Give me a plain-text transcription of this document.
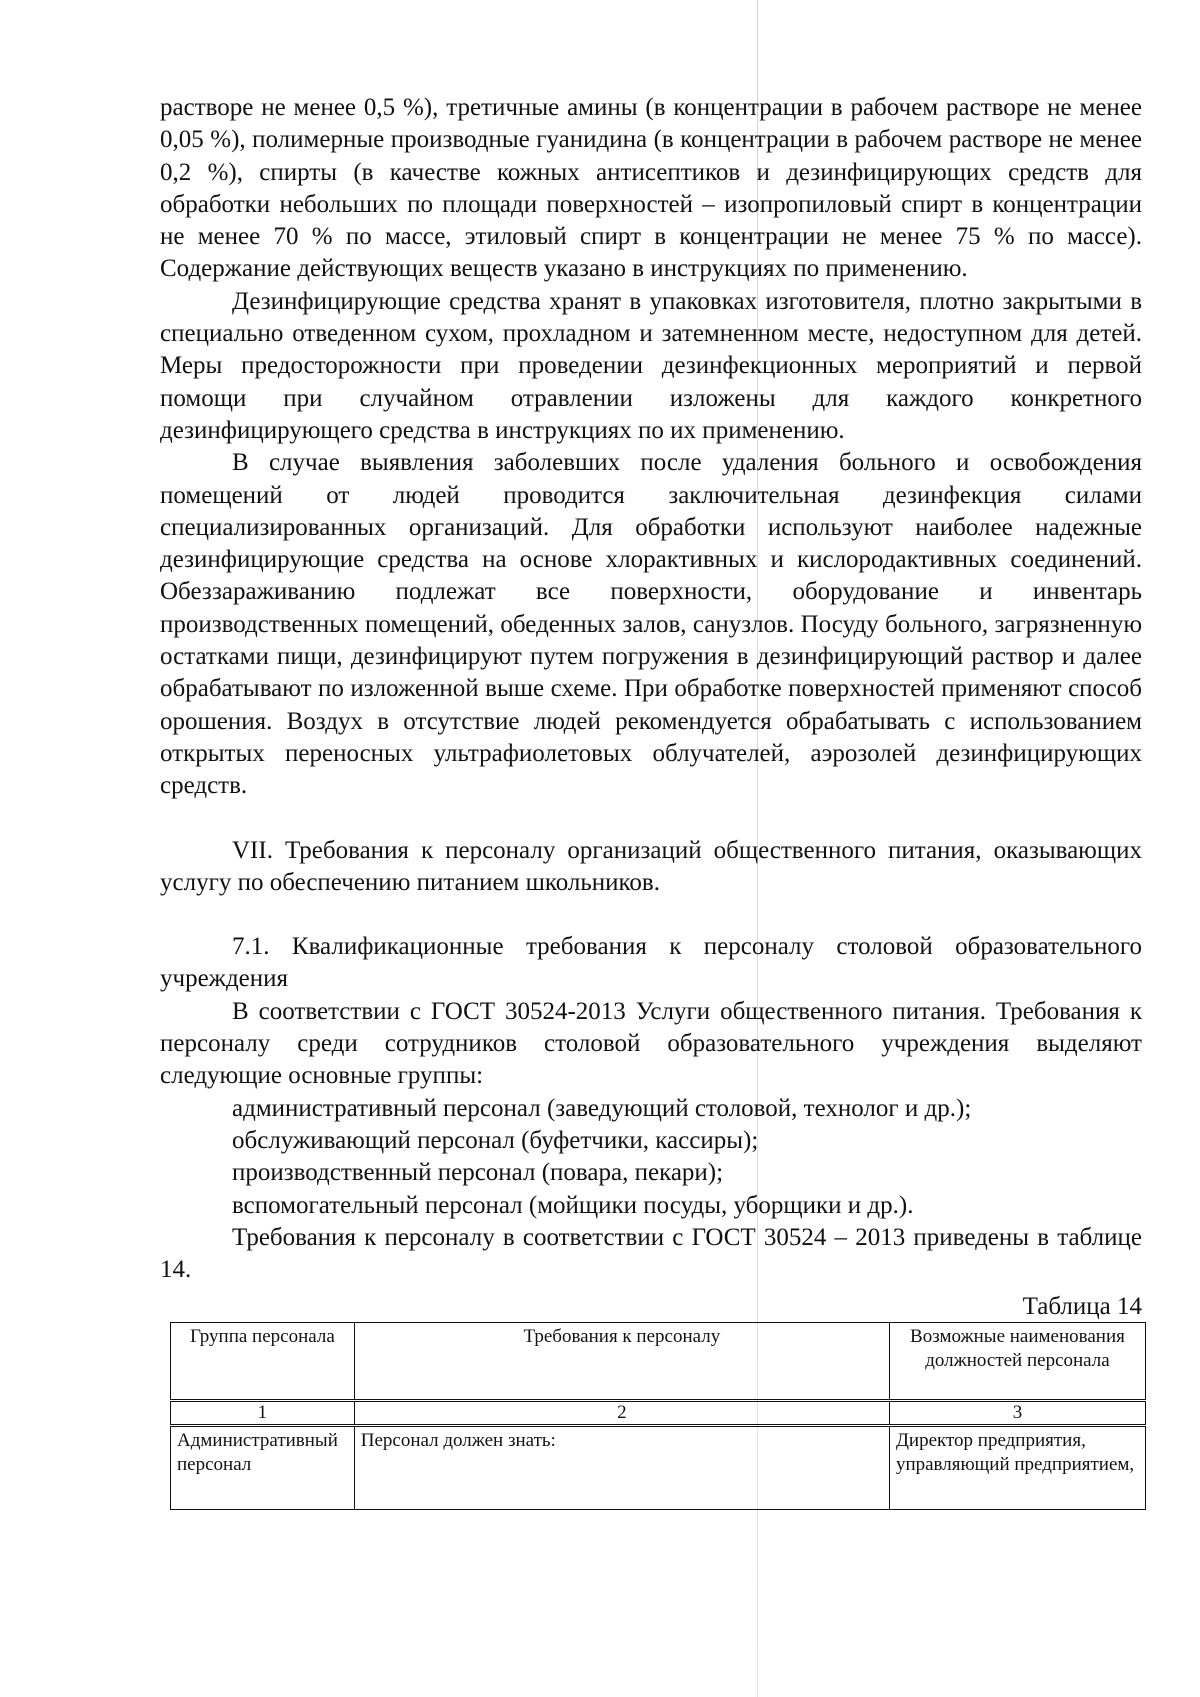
растворе не менее 0,5 %), третичные амины (в концентрации в рабочем растворе не менее 0,05 %), полимерные производные гуанидина (в концентрации в рабочем растворе не менее 0,2 %), спирты (в качестве кожных антисептиков и дезинфицирующих средств для обработки небольших по площади поверхностей – изопропиловый спирт в концентрации не менее 70 % по массе, этиловый спирт в концентрации не менее 75 % по массе). Содержание действующих веществ указано в инструкциях по применению.

Дезинфицирующие средства хранят в упаковках изготовителя, плотно закрытыми в специально отведенном сухом, прохладном и затемненном месте, недоступном для детей. Меры предосторожности при проведении дезинфекционных мероприятий и первой помощи при случайном отравлении изложены для каждого конкретного дезинфицирующего средства в инструкциях по их применению.

В случае выявления заболевших после удаления больного и освобождения помещений от людей проводится заключительная дезинфекция силами специализированных организаций. Для обработки используют наиболее надежные дезинфицирующие средства на основе хлорактивных и кислородактивных соединений. Обеззараживанию подлежат все поверхности, оборудование и инвентарь производственных помещений, обеденных залов, санузлов. Посуду больного, загрязненную остатками пищи, дезинфицируют путем погружения в дезинфицирующий раствор и далее обрабатывают по изложенной выше схеме. При обработке поверхностей применяют способ орошения. Воздух в отсутствие людей рекомендуется обрабатывать с использованием открытых переносных ультрафиолетовых облучателей, аэрозолей дезинфицирующих средств.

VII. Требования к персоналу организаций общественного питания, оказывающих услугу по обеспечению питанием школьников.

7.1. Квалификационные требования к персоналу столовой образовательного учреждения

В соответствии с ГОСТ 30524-2013 Услуги общественного питания. Требования к персоналу среди сотрудников столовой образовательного учреждения выделяют следующие основные группы:

административный персонал (заведующий столовой, технолог и др.);

обслуживающий персонал (буфетчики, кассиры);

производственный персонал (повара, пекари);

вспомогательный персонал (мойщики посуды, уборщики и др.).

Требования к персоналу в соответствии с ГОСТ 30524 – 2013 приведены в таблице 14.

Таблица 14

Группа персонала	Требования к персоналу	Возможные наименования должностей персонала
1	2	3
Административный персонал	Персонал должен знать:	Директор предприятия, управляющий предприятием,
